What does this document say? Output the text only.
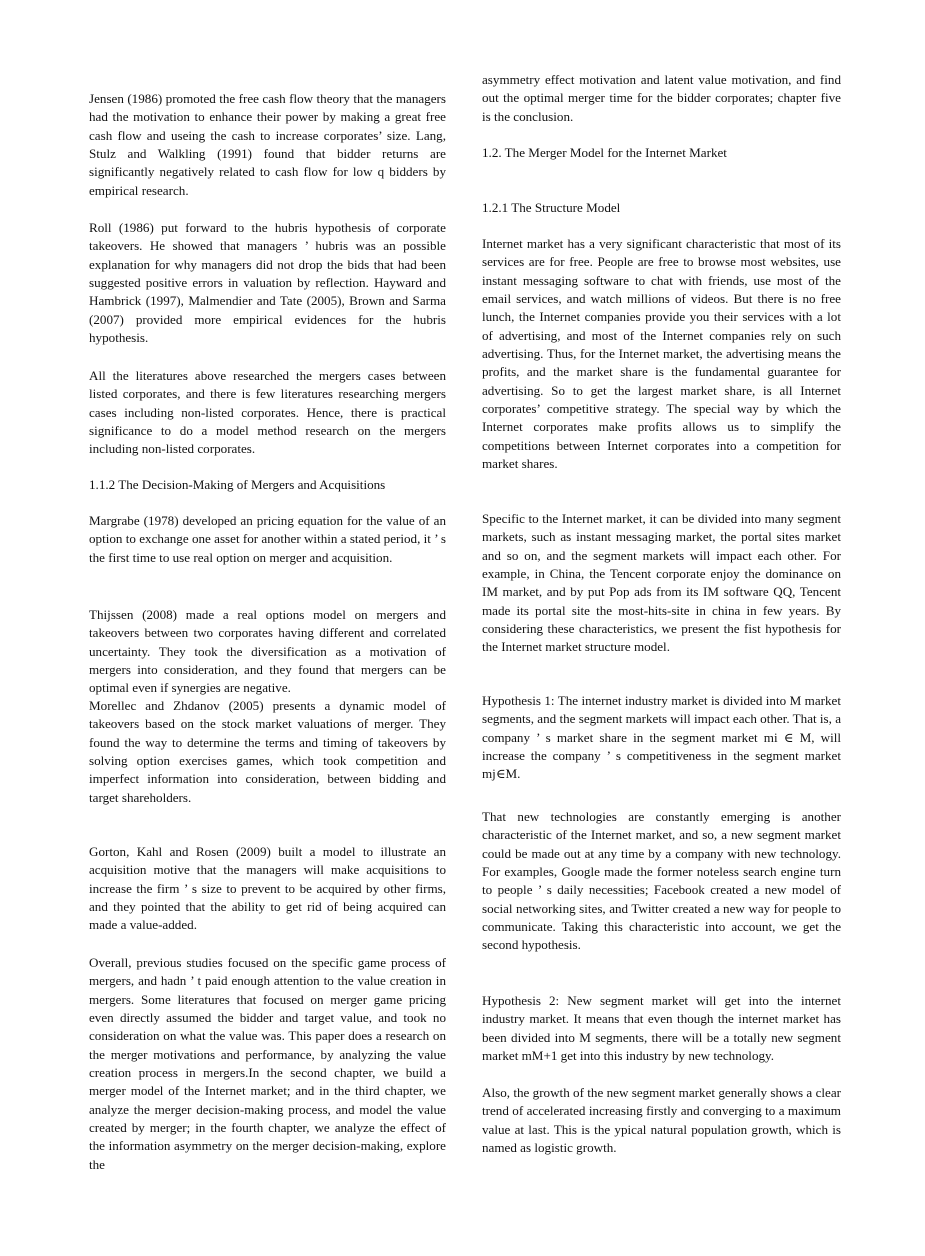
Jensen (1986) promoted the free cash flow theory that the managers had the motivation to enhance their power by making a great free cash flow and useing the cash to increase corporates’ size. Lang, Stulz and Walkling (1991) found that bidder returns are significantly negatively related to cash flow for low q bidders by empirical research.

Roll (1986) put forward to the hubris hypothesis of corporate takeovers. He showed that managers ’ hubris was an possible explanation for why managers did not drop the bids that had been suggested positive errors in valuation by reflection. Hayward and Hambrick (1997), Malmendier and Tate (2005), Brown and Sarma (2007) provided more empirical evidences for the hubris hypothesis.

All the literatures above researched the mergers cases between listed corporates, and there is few literatures researching mergers cases including non-listed corporates. Hence, there is practical significance to do a model method research on the mergers including non-listed corporates.

1.1.2 The Decision-Making of Mergers and Acquisitions

Margrabe (1978) developed an pricing equation for the value of an option to exchange one asset for another within a stated period, it ’ s the first time to use real option on merger and acquisition.

Thijssen (2008) made a real options model on mergers and takeovers between two corporates having different and correlated uncertainty. They took the diversification as a motivation of mergers into consideration, and they found that mergers can be optimal even if synergies are negative.

Morellec and Zhdanov (2005) presents a dynamic model of takeovers based on the stock market valuations of merger. They found the way to determine the terms and timing of takeovers by solving option exercises games, which took competition and imperfect information into consideration, between bidding and target shareholders.

Gorton, Kahl and Rosen (2009) built a model to illustrate an acquisition motive that the managers will make acquisitions to increase the firm ’ s size to prevent to be acquired by other firms, and they pointed that the ability to get rid of being acquired can made a value-added.

Overall, previous studies focused on the specific game process of mergers, and hadn ’ t paid enough attention to the value creation in mergers. Some literatures that focused on merger game pricing even directly assumed the bidder and target value, and took no consideration on what the value was. This paper does a research on the merger motivations and performance, by analyzing the value creation process in mergers.In the second chapter, we build a merger model of the Internet market; and in the third chapter, we analyze the merger decision-making process, and model the value created by merger; in the fourth chapter, we analyze the effect of the information asymmetry on the merger decision-making, explore the

asymmetry effect motivation and latent value motivation, and find out the optimal merger time for the bidder corporates; chapter five is the conclusion.

1.2. The Merger Model for the Internet Market

1.2.1 The Structure Model

Internet market has a very significant characteristic that most of its services are for free. People are free to browse most websites, use instant messaging software to chat with friends, use most of the email services, and watch millions of videos. But there is no free lunch, the Internet companies provide you their services with a lot of advertising, and most of the Internet companies rely on such advertising. Thus, for the Internet market, the advertising means the profits, and the market share is the fundamental guarantee for advertising. So to get the largest market share, is all Internet corporates’ competitive strategy. The special way by which the Internet corporates make profits allows us to simplify the competitions between Internet corporates into a competition for market shares.

Specific to the Internet market, it can be divided into many segment markets, such as instant messaging market, the portal sites market and so on, and the segment markets will impact each other. For example, in China, the Tencent corporate enjoy the dominance on IM market, and by put Pop ads from its IM software QQ, Tencent made its portal site the most-hits-site in china in few years. By considering these characteristics, we present the fist hypothesis for the Internet market structure model.

Hypothesis 1: The internet industry market is divided into M market segments, and the segment markets will impact each other. That is, a company ’ s market share in the segment market mi ∈ M, will increase the company ’ s competitiveness in the segment market mj∈M.

That new technologies are constantly emerging is another characteristic of the Internet market, and so, a new segment market could be made out at any time by a company with new technology. For examples, Google made the former noteless search engine turn to people ’ s daily necessities; Facebook created a new model of social networking sites, and Twitter created a new way for people to communicate. Taking this characteristic into account, we get the second hypothesis.

Hypothesis 2: New segment market will get into the internet industry market. It means that even though the internet market has been divided into M segments, there will be a totally new segment market mM+1 get into this industry by new technology.

Also, the growth of the new segment market generally shows a clear trend of accelerated increasing firstly and converging to a maximum value at last. This is the ypical natural population growth, which is named as logistic growth.
